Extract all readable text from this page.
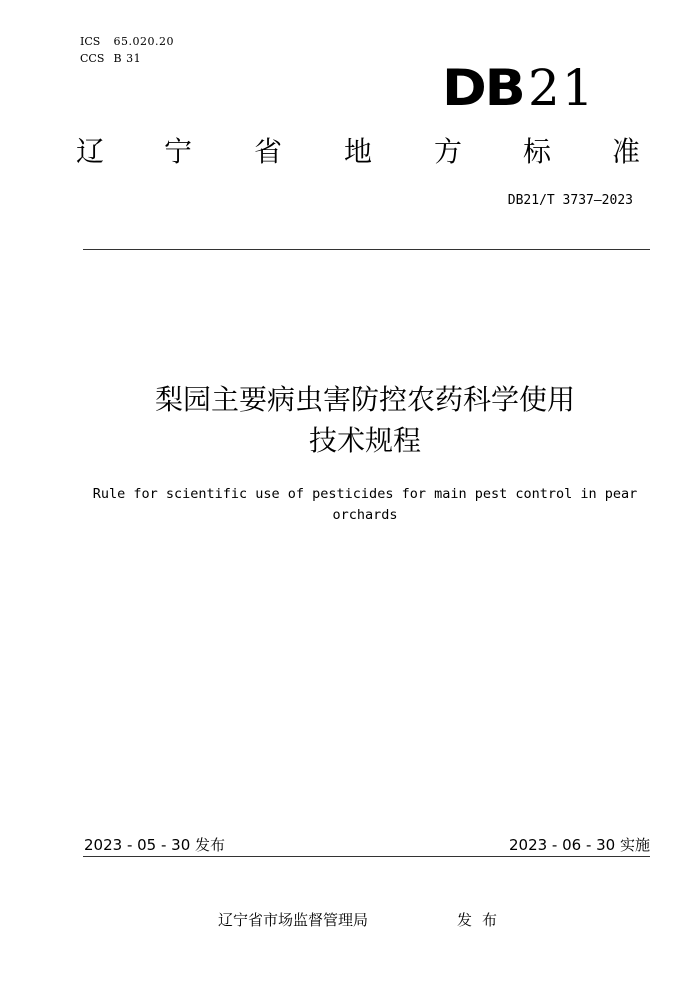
ICS 65.020.20
CCS B 31
DB 21
辽 宁 省 地 方 标 准
DB21/T 3737—2023
梨园主要病虫害防控农药科学使用
技术规程
Rule for scientific use of pesticides for main pest control in pear orchards
2023 - 05 - 30 发布	2023 - 06 - 30 实施
辽宁省市场监督管理局	发布
